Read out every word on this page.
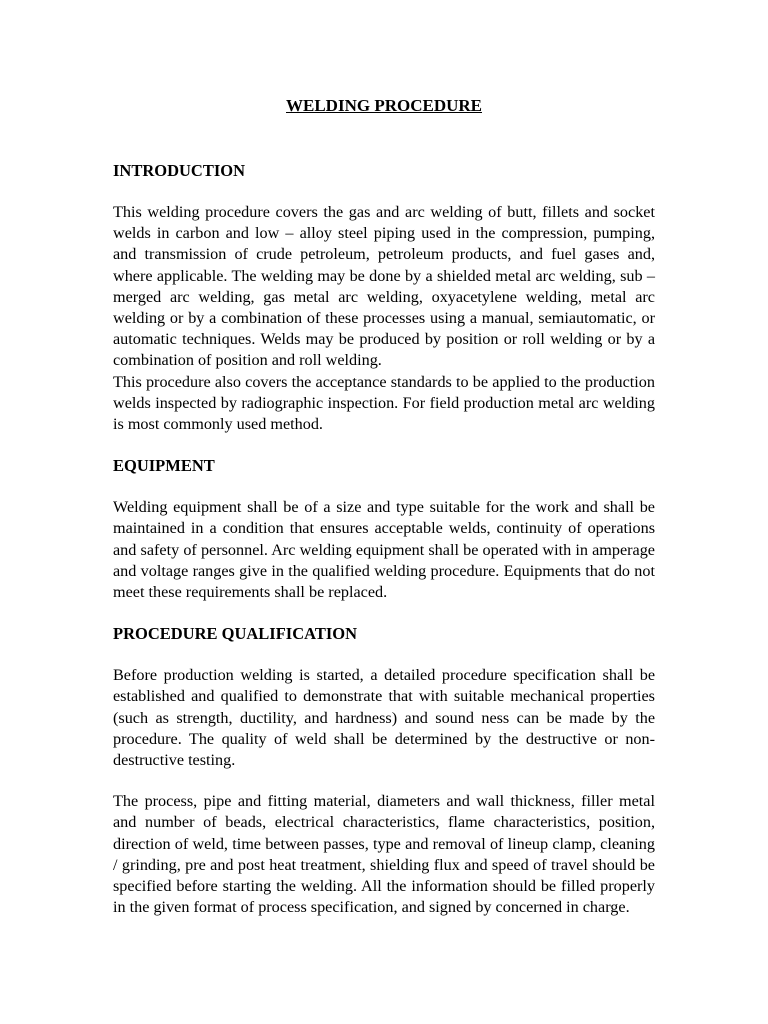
WELDING PROCEDURE
INTRODUCTION

This welding procedure covers the gas and arc welding of butt, fillets and socket welds in carbon and low – alloy steel piping used in the compression, pumping, and transmission of crude petroleum, petroleum products, and fuel gases and, where applicable. The welding may be done by a shielded metal arc welding, sub – merged arc welding, gas metal arc welding, oxyacetylene welding, metal arc welding or by a combination of these processes using a manual, semiautomatic, or automatic techniques. Welds may be produced by position or roll welding or by a combination of position and roll welding.

This procedure also covers the acceptance standards to be applied to the production welds inspected by radiographic inspection. For field production metal arc welding is most commonly used method.

EQUIPMENT

Welding equipment shall be of a size and type suitable for the work and shall be maintained in a condition that ensures acceptable welds, continuity of operations and safety of personnel. Arc welding equipment shall be operated with in amperage and voltage ranges give in the qualified welding procedure. Equipments that do not meet these requirements shall be replaced.

PROCEDURE QUALIFICATION

Before production welding is started, a detailed procedure specification shall be established and qualified to demonstrate that with suitable mechanical properties (such as strength, ductility, and hardness) and sound ness can be made by the procedure. The quality of weld shall be determined by the destructive or non-destructive testing.

The process, pipe and fitting material, diameters and wall thickness, filler metal and number of beads, electrical characteristics, flame characteristics, position, direction of weld, time between passes, type and removal of lineup clamp, cleaning / grinding, pre and post heat treatment, shielding flux and speed of travel should be specified before starting the welding. All the information should be filled properly in the given format of process specification, and signed by concerned in charge.
